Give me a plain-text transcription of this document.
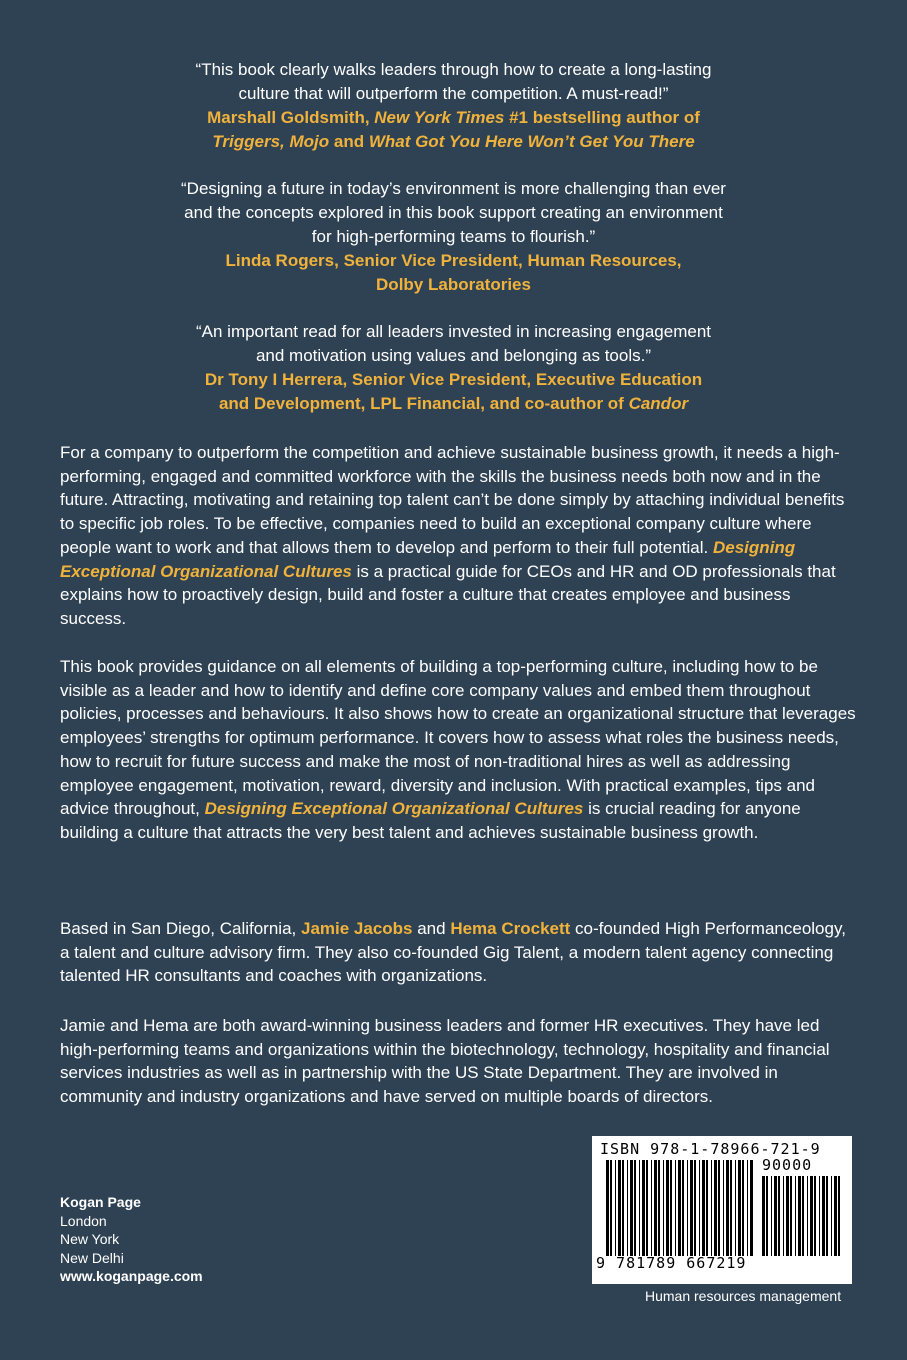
“This book clearly walks leaders through how to create a long-lasting
culture that will outperform the competition. A must-read!”
Marshall Goldsmith, New York Times #1 bestselling author of
Triggers, Mojo and What Got You Here Won’t Get You There
“Designing a future in today’s environment is more challenging than ever
and the concepts explored in this book support creating an environment
for high-performing teams to flourish.”
Linda Rogers, Senior Vice President, Human Resources,
Dolby Laboratories
“An important read for all leaders invested in increasing engagement
and motivation using values and belonging as tools.”
Dr Tony I Herrera, Senior Vice President, Executive Education
and Development, LPL Financial, and co-author of Candor
For a company to outperform the competition and achieve sustainable business growth, it needs a high-performing, engaged and committed workforce with the skills the business needs both now and in the future. Attracting, motivating and retaining top talent can’t be done simply by attaching individual benefits to specific job roles. To be effective, companies need to build an exceptional company culture where people want to work and that allows them to develop and perform to their full potential. Designing Exceptional Organizational Cultures is a practical guide for CEOs and HR and OD professionals that explains how to proactively design, build and foster a culture that creates employee and business success.
This book provides guidance on all elements of building a top-performing culture, including how to be visible as a leader and how to identify and define core company values and embed them throughout policies, processes and behaviours. It also shows how to create an organizational structure that leverages employees’ strengths for optimum performance. It covers how to assess what roles the business needs, how to recruit for future success and make the most of non-traditional hires as well as addressing employee engagement, motivation, reward, diversity and inclusion. With practical examples, tips and advice throughout, Designing Exceptional Organizational Cultures is crucial reading for anyone building a culture that attracts the very best talent and achieves sustainable business growth.
Based in San Diego, California, Jamie Jacobs and Hema Crockett co-founded High Performanceology, a talent and culture advisory firm. They also co-founded Gig Talent, a modern talent agency connecting talented HR consultants and coaches with organizations.
Jamie and Hema are both award-winning business leaders and former HR executives. They have led high-performing teams and organizations within the biotechnology, technology, hospitality and financial services industries as well as in partnership with the US State Department. They are involved in community and industry organizations and have served on multiple boards of directors.
Kogan Page
London
New York
New Delhi
www.koganpage.com
ISBN 978-1-78966-721-9
90000
9 781789 667219
Human resources management
